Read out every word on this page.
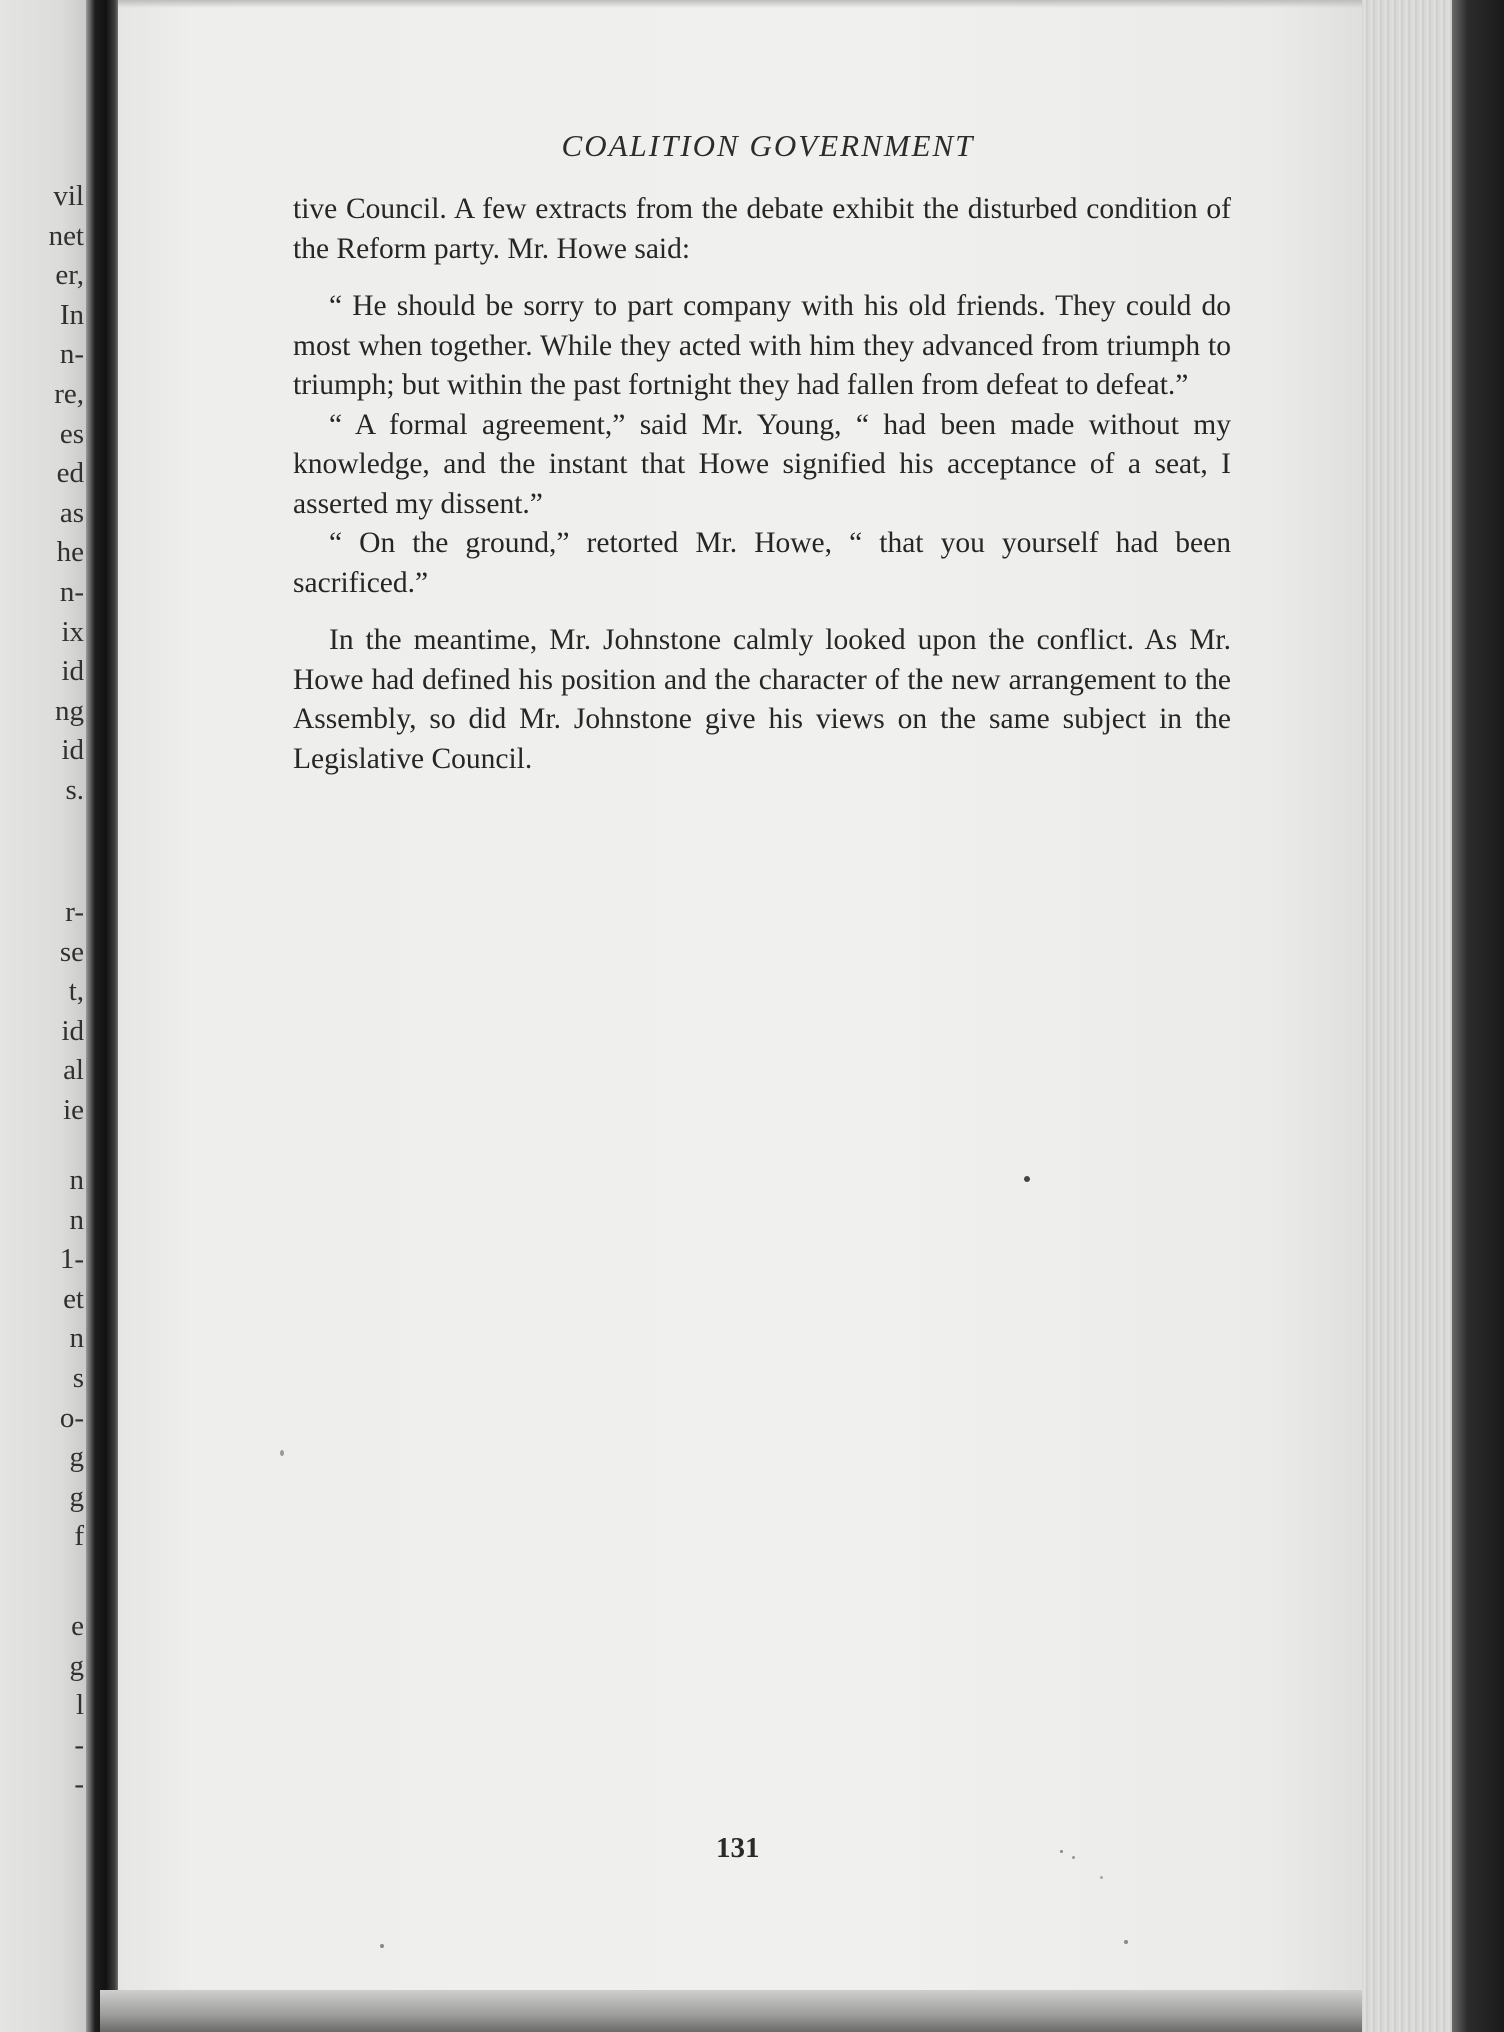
vil
net
er,
In
n-
re,
es
ed
as
he
n-
ix
id
ng
id
s.
r-
se
t,
id
al
ie
n
n
1-
et
n
s
o-
g
g
f
e
g
l
-
-
COALITION GOVERNMENT

tive Council. A few extracts from the debate exhibit the disturbed condition of the Reform party. Mr. Howe said:

“ He should be sorry to part company with his old friends. They could do most when together. While they acted with him they advanced from triumph to triumph; but within the past fortnight they had fallen from defeat to defeat.”

“ A formal agreement,” said Mr. Young, “ had been made without my knowledge, and the instant that Howe signified his acceptance of a seat, I asserted my dissent.”

“ On the ground,” retorted Mr. Howe, “ that you yourself had been sacrificed.”

In the meantime, Mr. Johnstone calmly looked upon the conflict. As Mr. Howe had defined his position and the character of the new arrangement to the Assembly, so did Mr. Johnstone give his views on the same subject in the Legislative Council.

131
